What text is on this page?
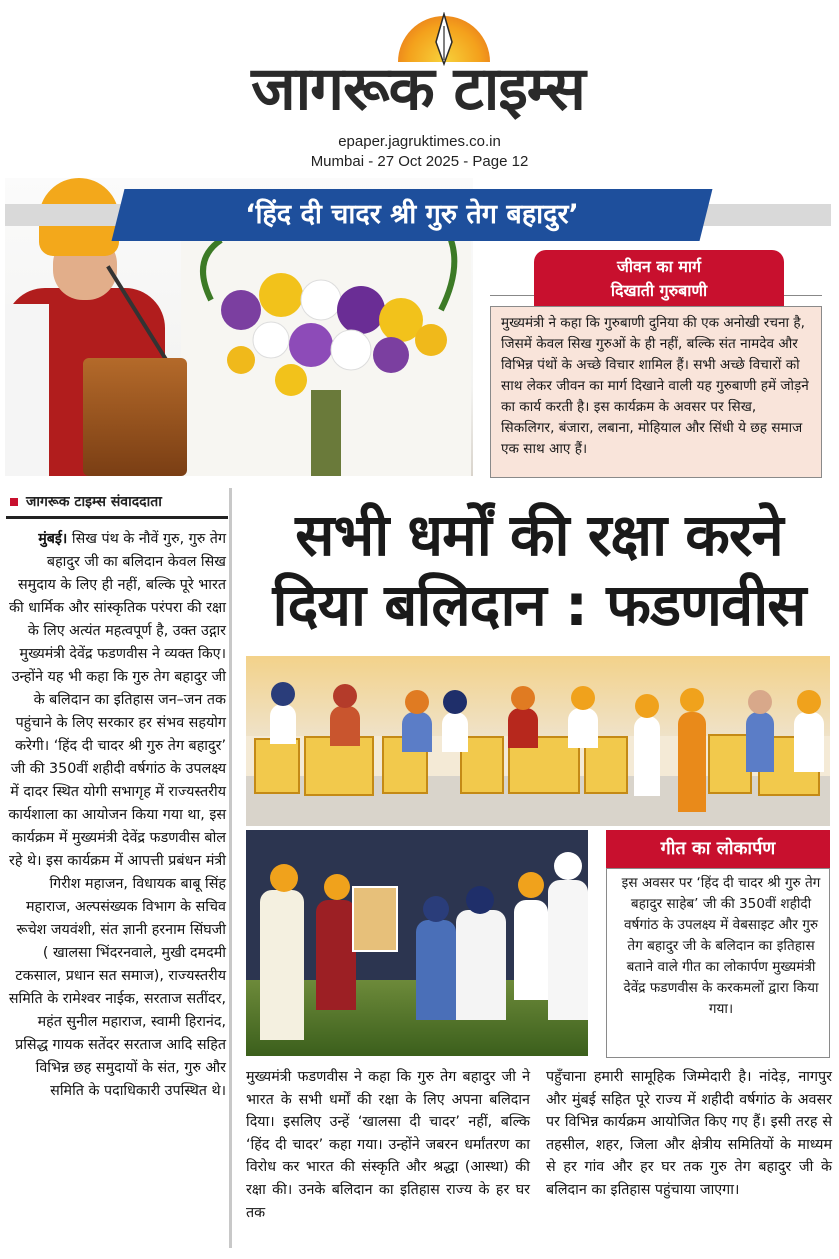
जागरूक टाइम्स
epaper.jagruktimes.co.in
Mumbai - 27 Oct 2025 - Page 12
‘हिंद दी चादर श्री गुरु तेग बहादुर’
जीवन का मार्ग
दिखाती गुरुबाणी
मुख्यमंत्री ने कहा कि गुरुबाणी दुनिया की एक अनोखी रचना है, जिसमें केवल सिख गुरुओं के ही नहीं, बल्कि संत नामदेव और विभिन्न पंथों के अच्छे विचार शामिल हैं। सभी अच्छे विचारों को साथ लेकर जीवन का मार्ग दिखाने वाली यह गुरुबाणी हमें जोड़ने का कार्य करती है। इस कार्यक्रम के अवसर पर सिख, सिकलिगर, बंजारा, लबाना, मोहियाल और सिंधी ये छह समाज एक साथ आए हैं।
जागरूक टाइम्स संवाददाता
मुंबई। सिख पंथ के नौवें गुरु, गुरु तेग बहादुर जी का बलिदान केवल सिख समुदाय के लिए ही नहीं, बल्कि पूरे भारत की धार्मिक और सांस्कृतिक परंपरा की रक्षा के लिए अत्यंत महत्वपूर्ण है, उक्त उद्गार मुख्यमंत्री देवेंद्र फडणवीस ने व्यक्त किए। उन्होंने यह भी कहा कि गुरु तेग बहादुर जी के बलिदान का इतिहास जन–जन तक पहुंचाने के लिए सरकार हर संभव सहयोग करेगी। ‘हिंद दी चादर श्री गुरु तेग बहादुर’ जी की 350वीं शहीदी वर्षगांठ के उपलक्ष्य में दादर स्थित योगी सभागृह में राज्यस्तरीय कार्यशाला का आयोजन किया गया था, इस कार्यक्रम में मुख्यमंत्री देवेंद्र फडणवीस बोल रहे थे। इस कार्यक्रम में आपत्ती प्रबंधन मंत्री गिरीश महाजन, विधायक बाबू सिंह महाराज, अल्पसंख्यक विभाग के सचिव रूचेश जयवंशी, संत ज्ञानी हरनाम सिंघजी ( खालसा भिंदरनवाले, मुखी दमदमी टकसाल, प्रधान सत समाज), राज्यस्तरीय समिति के रामेश्वर नाईक, सरताज सतींदर, महंत सुनील महाराज, स्वामी हिरानंद, प्रसिद्ध गायक सतेंदर सरताज आदि सहित विभिन्न छह समुदायों के संत, गुरु और समिति के पदाधिकारी उपस्थित थे।
सभी धर्मों की रक्षा करने
दिया बलिदान : फडणवीस
गीत का लोकार्पण
इस अवसर पर ‘हिंद दी चादर श्री गुरु तेग बहादुर साहेब’ जी की 350वीं शहीदी वर्षगांठ के उपलक्ष्य में वेबसाइट और गुरु तेग बहादुर जी के बलिदान का इतिहास बताने वाले गीत का लोकार्पण मुख्यमंत्री देवेंद्र फडणवीस के करकमलों द्वारा किया गया।
मुख्यमंत्री फडणवीस ने कहा कि गुरु तेग बहादुर जी ने भारत के सभी धर्मों की रक्षा के लिए अपना बलिदान दिया। इसलिए उन्हें ‘खालसा दी चादर’ नहीं, बल्कि ‘हिंद दी चादर’ कहा गया। उन्होंने जबरन धर्मांतरण का विरोध कर भारत की संस्कृति और श्रद्धा (आस्था) की रक्षा की। उनके बलिदान का इतिहास राज्य के हर घर तक
पहुँचाना हमारी सामूहिक जिम्मेदारी है। नांदेड़, नागपुर और मुंबई सहित पूरे राज्य में शहीदी वर्षगांठ के अवसर पर विभिन्न कार्यक्रम आयोजित किए गए हैं। इसी तरह से तहसील, शहर, जिला और क्षेत्रीय समितियों के माध्यम से हर गांव और हर घर तक गुरु तेग बहादुर जी के बलिदान का इतिहास पहुंचाया जाएगा।
